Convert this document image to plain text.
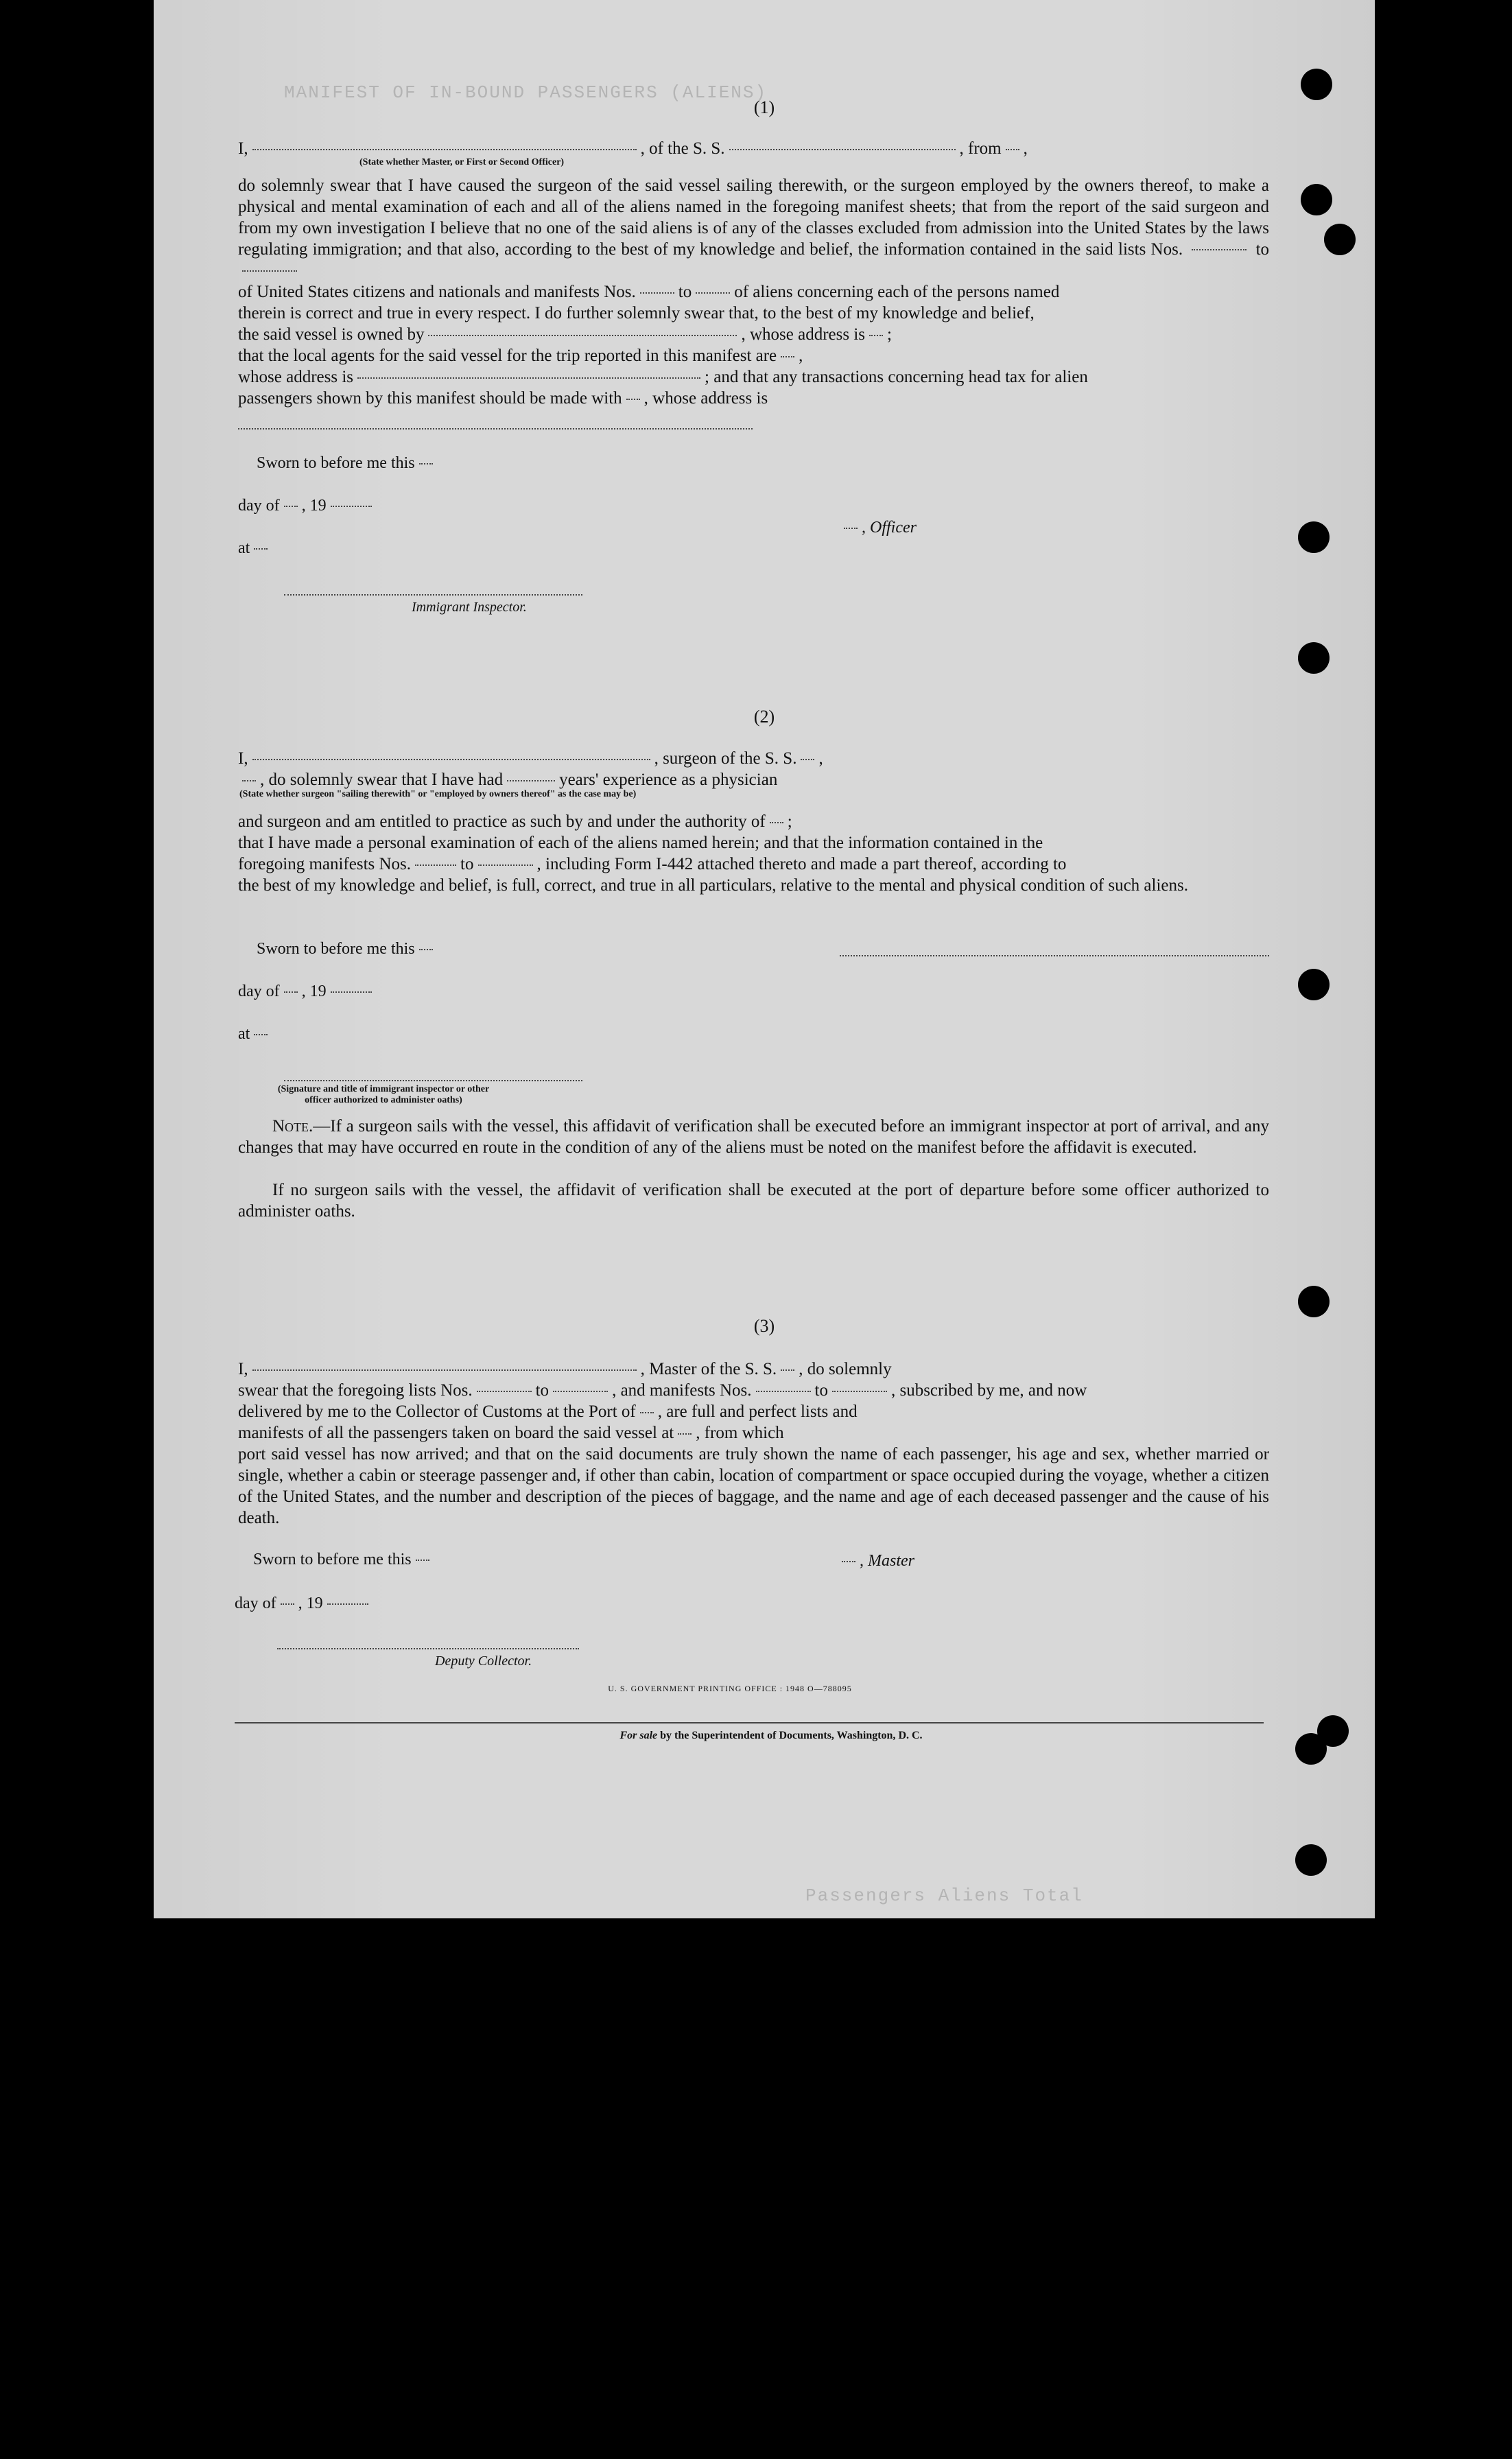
MANIFEST OF IN-BOUND PASSENGERS (ALIENS)
Passengers Aliens Total
(1)
I,	, of the S. S.	, from ,
(State whether Master, or First or Second Officer)
do solemnly swear that I have caused the surgeon of the said vessel sailing therewith, or the surgeon employed by the owners thereof, to make a physical and mental examination of each and all of the aliens named in the foregoing manifest sheets; that from the report of the said surgeon and from my own investigation I believe that no one of the said aliens is of any of the classes excluded from admission into the United States by the laws regulating immigration; and that also, according to the best of my knowledge and belief, the information contained in the said lists Nos.	to
of United States citizens and nationals and manifests Nos. to of aliens concerning each of the persons named
therein is correct and true in every respect. I do further solemnly swear that, to the best of my knowledge and belief,
the said vessel is owned by	, whose address is ;
that the local agents for the said vessel for the trip reported in this manifest are ,
whose address is	; and that any transactions concerning head tax for alien
passengers shown by this manifest should be made with , whose address is
Sworn to before me this
day of , 19
at
, Officer
Immigrant Inspector.
(2)
I,	, surgeon of the S. S. ,
, do solemnly swear that I have had	years' experience as a physician
(State whether surgeon "sailing therewith" or "employed by owners thereof" as the case may be)
and surgeon and am entitled to practice as such by and under the authority of ;
that I have made a personal examination of each of the aliens named herein; and that the information contained in the
foregoing manifests Nos.	to	, including Form I-442 attached thereto and made a part thereof, according to
the best of my knowledge and belief, is full, correct, and true in all particulars, relative to the mental and physical condition of such aliens.
Sworn to before me this
day of , 19
at
(Signature and title of immigrant inspector or other officer authorized to administer oaths)
Note.—If a surgeon sails with the vessel, this affidavit of verification shall be executed before an immigrant inspector at port of arrival, and any changes that may have occurred en route in the condition of any of the aliens must be noted on the manifest before the affidavit is executed.
If no surgeon sails with the vessel, the affidavit of verification shall be executed at the port of departure before some officer authorized to administer oaths.
(3)
I,	, Master of the S. S. , do solemnly
swear that the foregoing lists Nos.	to	, and manifests Nos.	to	, subscribed by me, and now
delivered by me to the Collector of Customs at the Port of , are full and perfect lists and
manifests of all the passengers taken on board the said vessel at , from which
port said vessel has now arrived; and that on the said documents are truly shown the name of each passenger, his age and sex, whether married or single, whether a cabin or steerage passenger and, if other than cabin, location of compartment or space occupied during the voyage, whether a citizen of the United States, and the number and description of the pieces of baggage, and the name and age of each deceased passenger and the cause of his death.
Sworn to before me this	, Master
day of , 19
Deputy Collector.
U. S. GOVERNMENT PRINTING OFFICE : 1948 O—788095
For sale by the Superintendent of Documents, Washington, D. C.
